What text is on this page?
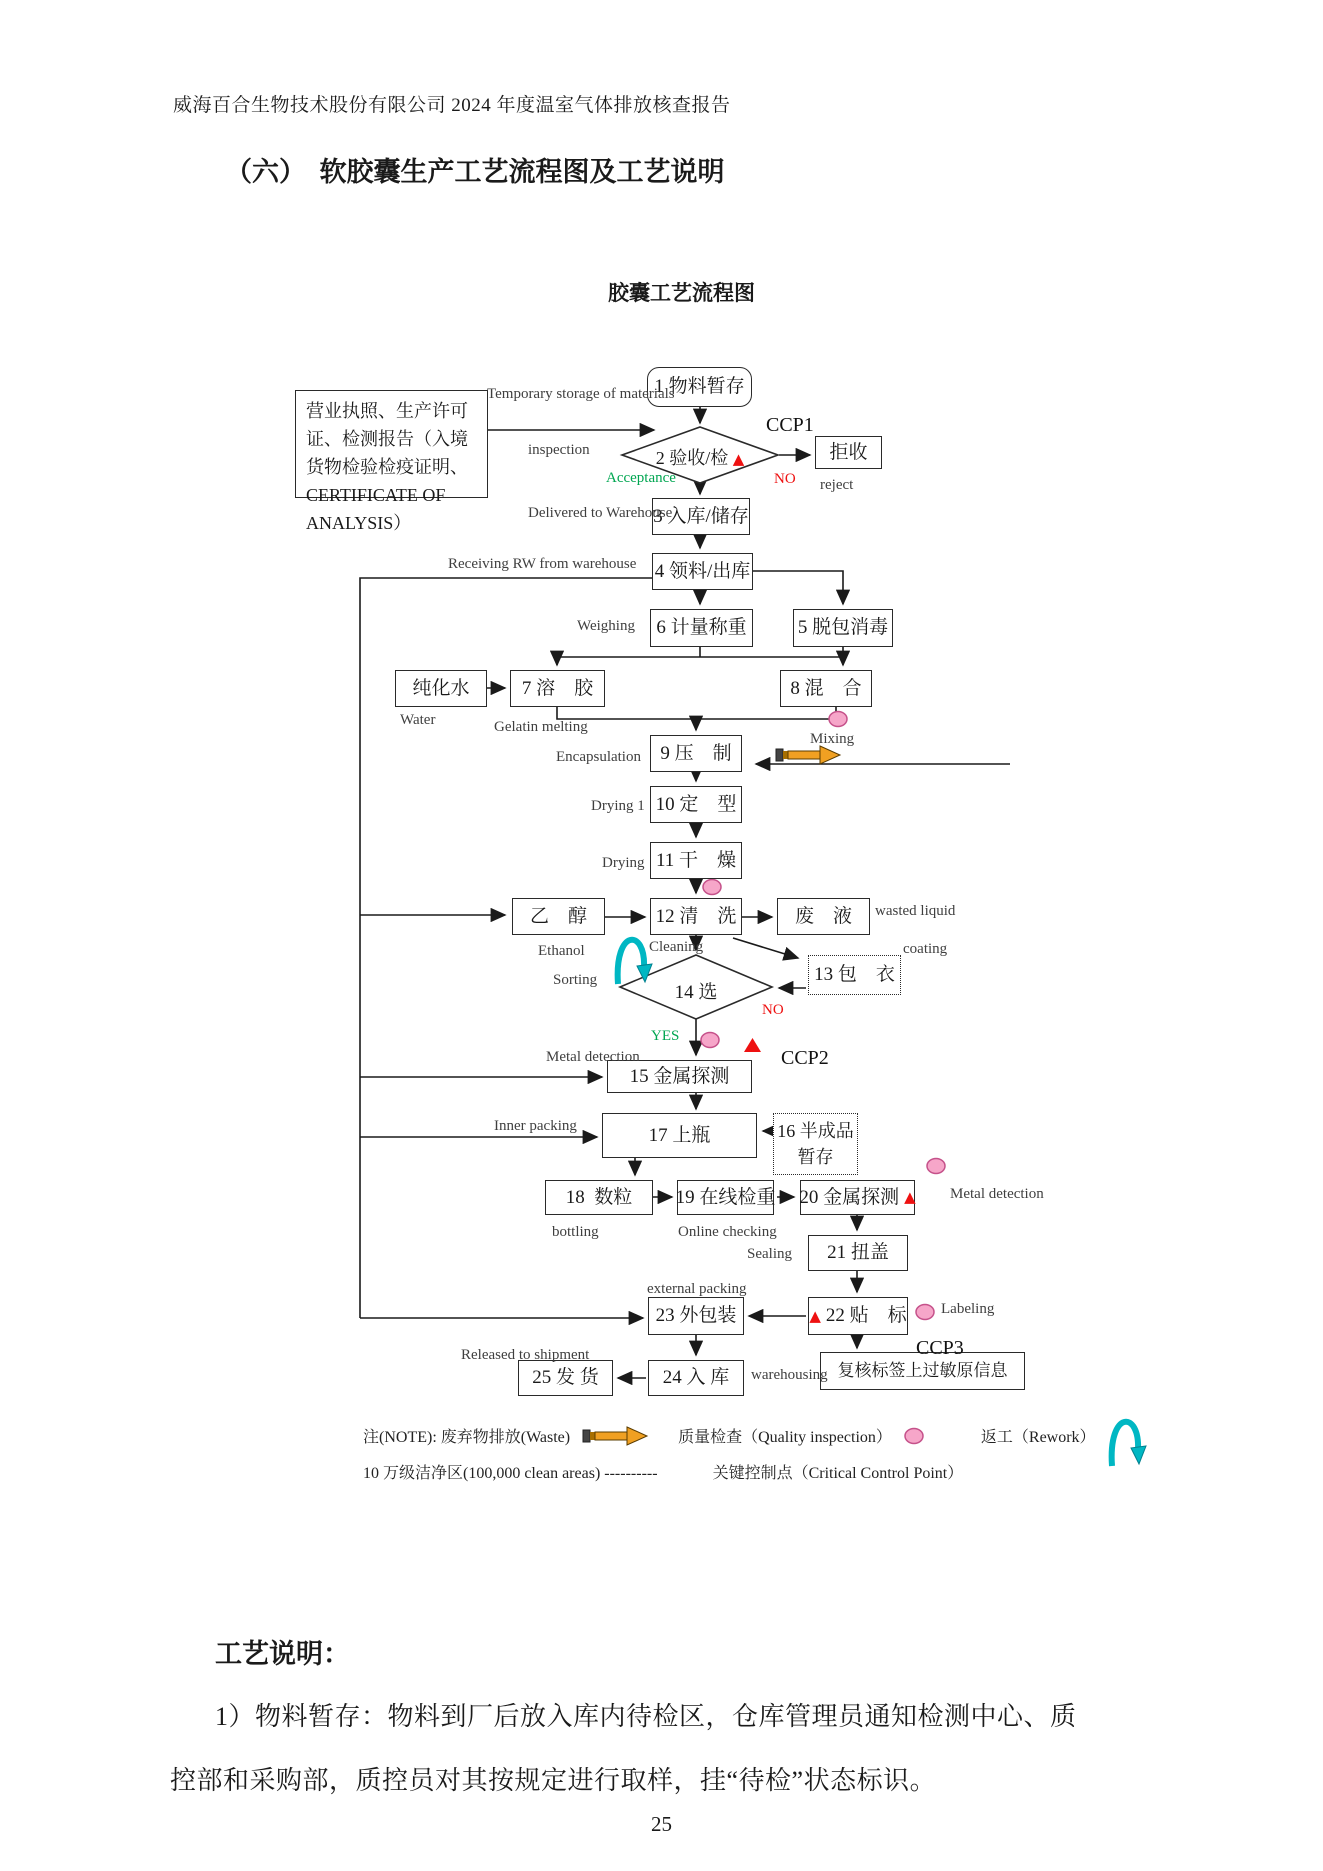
威海百合生物技术股份有限公司 2024 年度温室气体排放核查报告
（六）　软胶囊生产工艺流程图及工艺说明
胶囊工艺流程图
营业执照、生产许可证、检测报告（入境货物检验检疫证明、CERTIFICATE OF ANALYSIS）
1 物料暂存
2 验收/检 ▲	拒收
3 入库/储存
4 领料/出库
6 计量称重	5 脱包消毒
纯化水	7 溶　胶	8 混　合
9 压　制
10 定　型
11 干　燥
乙　醇	12 清　洗	废　液
13 包　衣
14 选
15 金属探测
17 上瓶	16 半成品
暂存
18  数粒	19 在线检重 20 金属探测 ▲
21 扭盖
▲ 22 贴　标
23 外包装
24 入 库
25 发 货	复核标签上过敏原信息
Temporary storage of materials
inspection
CCP1
Acceptance	NO reject
Delivered to Warehouse
Receiving RW from warehouse
Weighing
Water	Gelatin melting
Mixing
Encapsulation
Drying 1
Drying
Ethanol	Cleaning
wasted liquid
coating
Sorting
NO
YES
Metal detection	CCP2
Inner packing
bottling	Online checking
Metal detection
Sealing
external packing
Labeling
CCP3
Released to shipment
warehousing
注(NOTE): 废弃物排放(Waste)	质量检查（Quality inspection）	返工（Rework）
10 万级洁净区(100,000 clean areas) ----------	关键控制点（Critical Control Point）
工艺说明：
1）物料暂存：物料到厂后放入库内待检区，仓库管理员通知检测中心、质
控部和采购部，质控员对其按规定进行取样，挂“待检”状态标识。
25
